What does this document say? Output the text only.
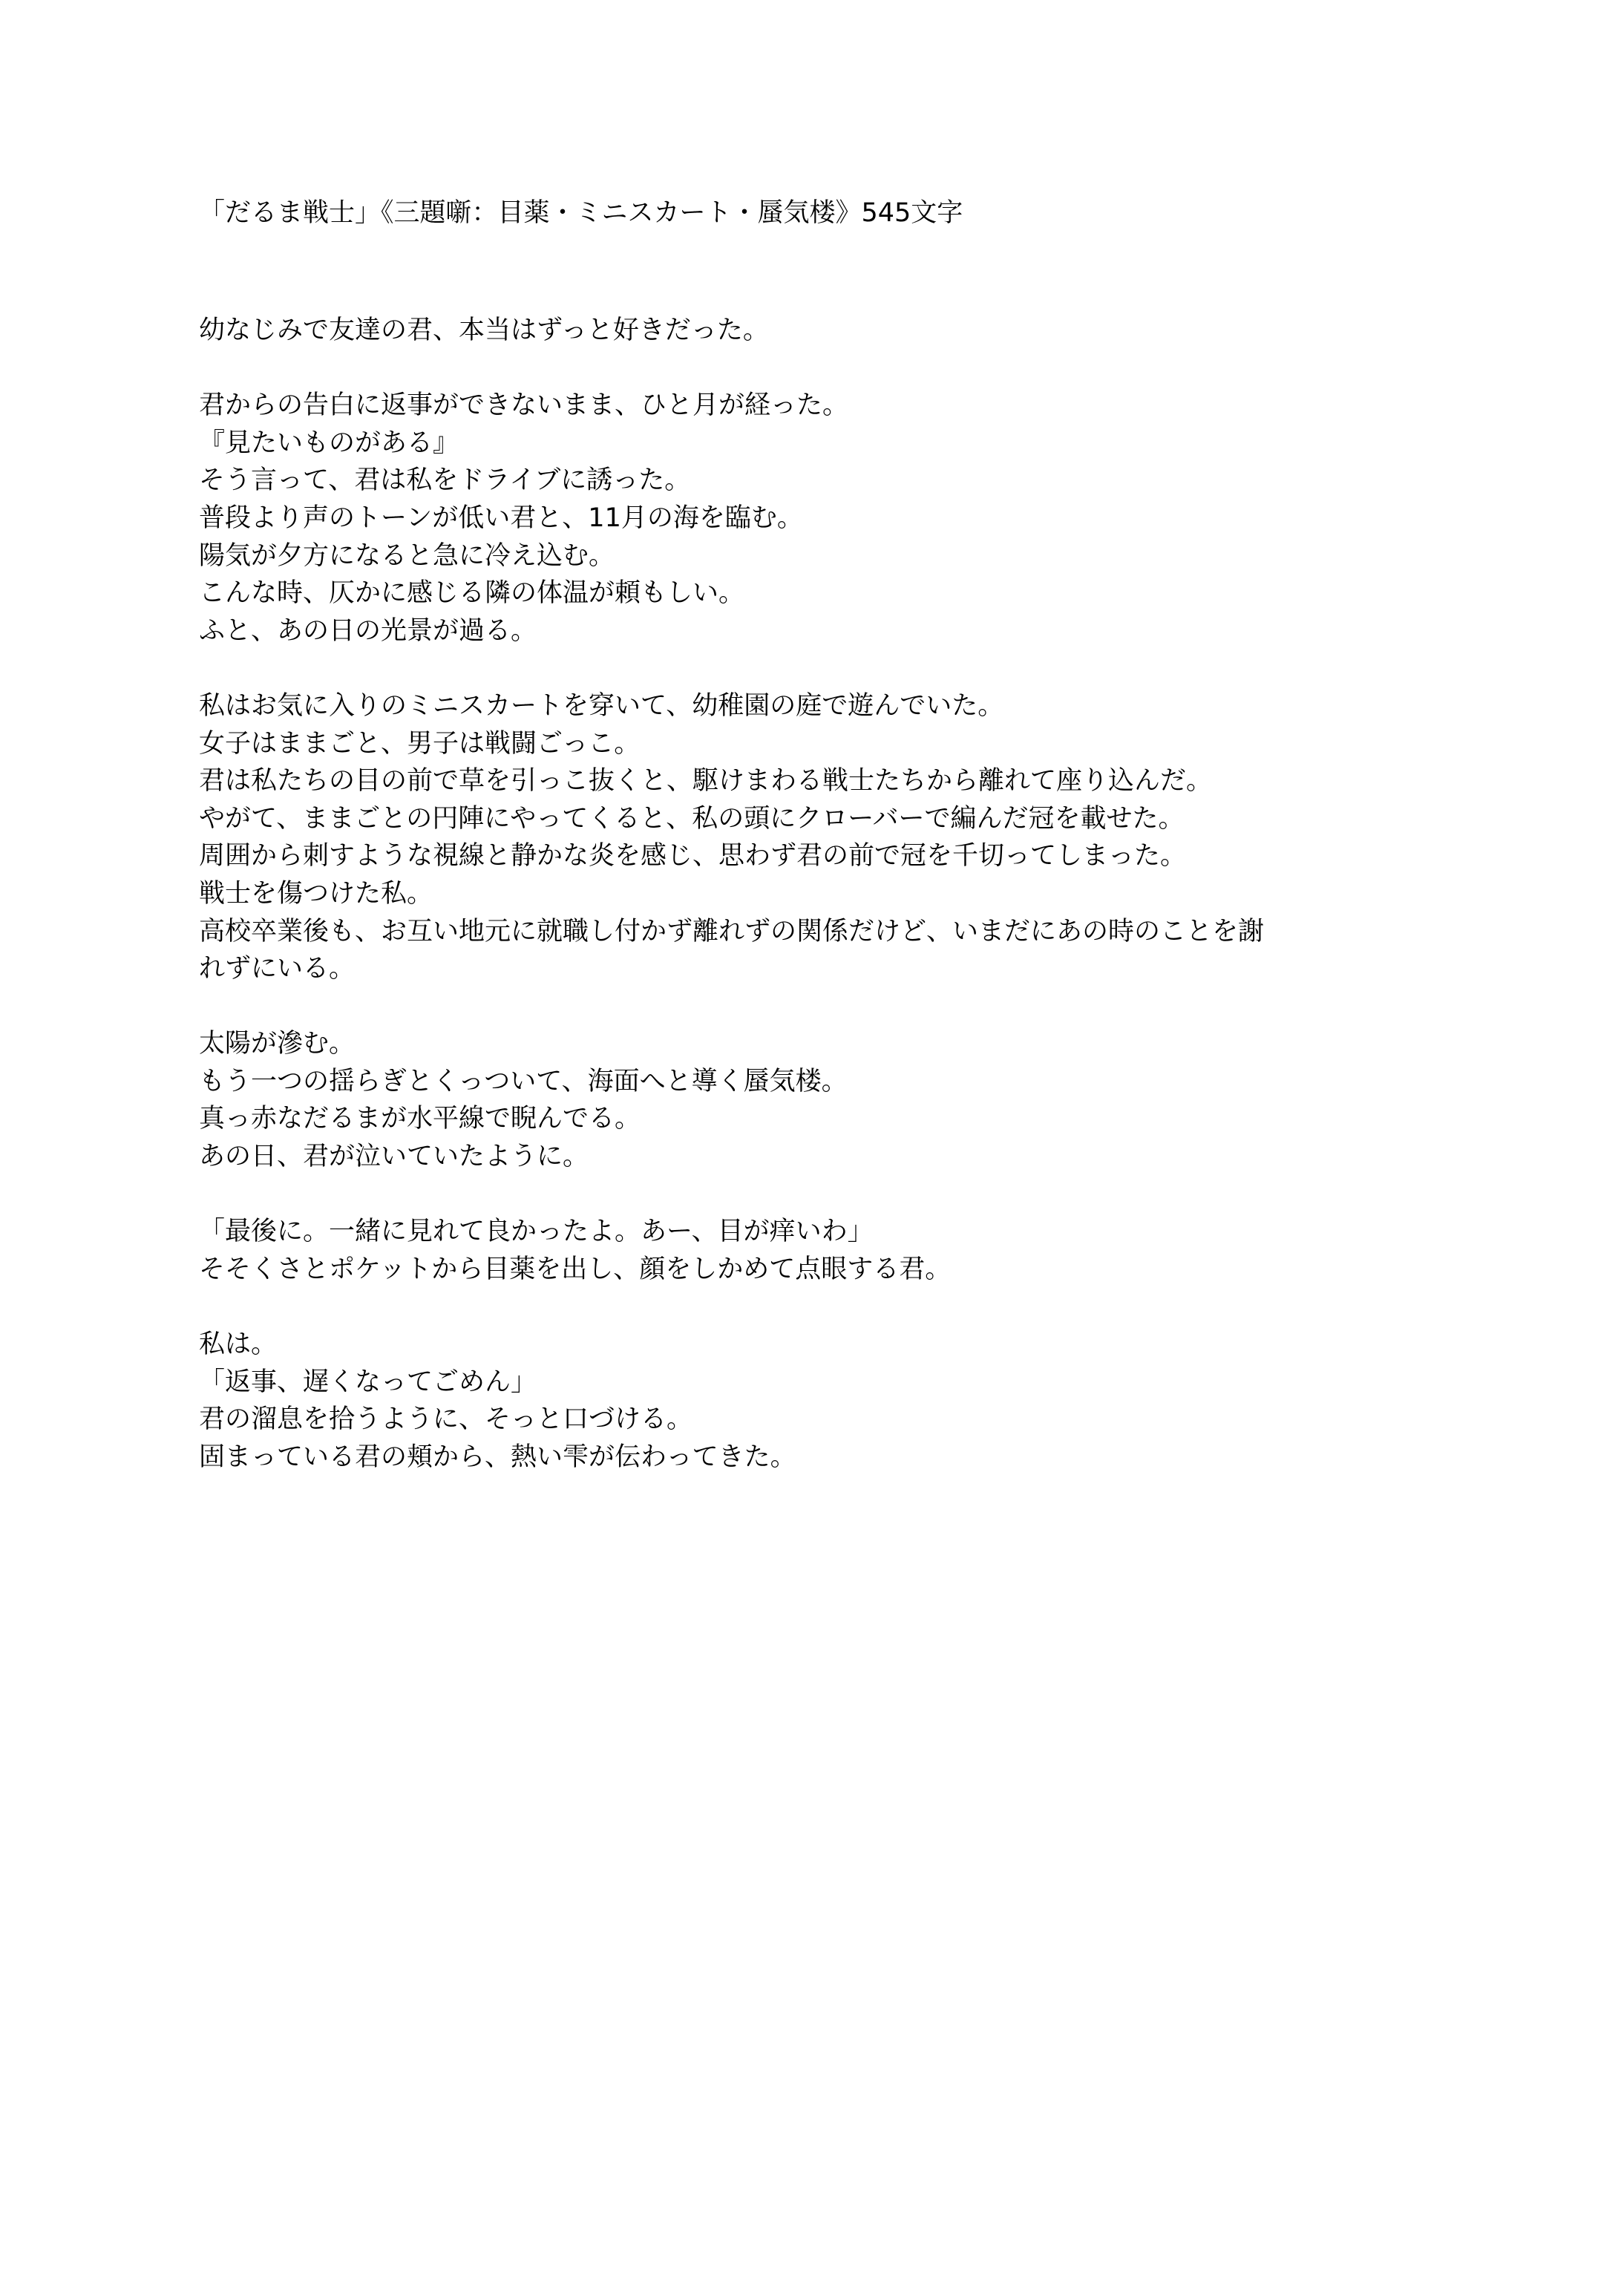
「だるま戦士」《三題噺：目薬・ミニスカート・蜃気楼》545文字
幼なじみで友達の君、本当はずっと好きだった。
君からの告白に返事ができないまま、ひと月が経った。
『見たいものがある』
そう言って、君は私をドライブに誘った。
普段より声のトーンが低い君と、11月の海を臨む。
陽気が夕方になると急に冷え込む。
こんな時、仄かに感じる隣の体温が頼もしい。
ふと、あの日の光景が過る。
私はお気に入りのミニスカートを穿いて、幼稚園の庭で遊んでいた。
女子はままごと、男子は戦闘ごっこ。
君は私たちの目の前で草を引っこ抜くと、駆けまわる戦士たちから離れて座り込んだ。
やがて、ままごとの円陣にやってくると、私の頭にクローバーで編んだ冠を載せた。
周囲から刺すような視線と静かな炎を感じ、思わず君の前で冠を千切ってしまった。
戦士を傷つけた私。
高校卒業後も、お互い地元に就職し付かず離れずの関係だけど、いまだにあの時のことを謝
れずにいる。
太陽が滲む。
もう一つの揺らぎとくっついて、海面へと導く蜃気楼。
真っ赤なだるまが水平線で睨んでる。
あの日、君が泣いていたように。
「最後に。一緒に見れて良かったよ。あー、目が痒いわ」
そそくさとポケットから目薬を出し、顔をしかめて点眼する君。
私は。
「返事、遅くなってごめん」
君の溜息を拾うように、そっと口づける。
固まっている君の頬から、熱い雫が伝わってきた。
